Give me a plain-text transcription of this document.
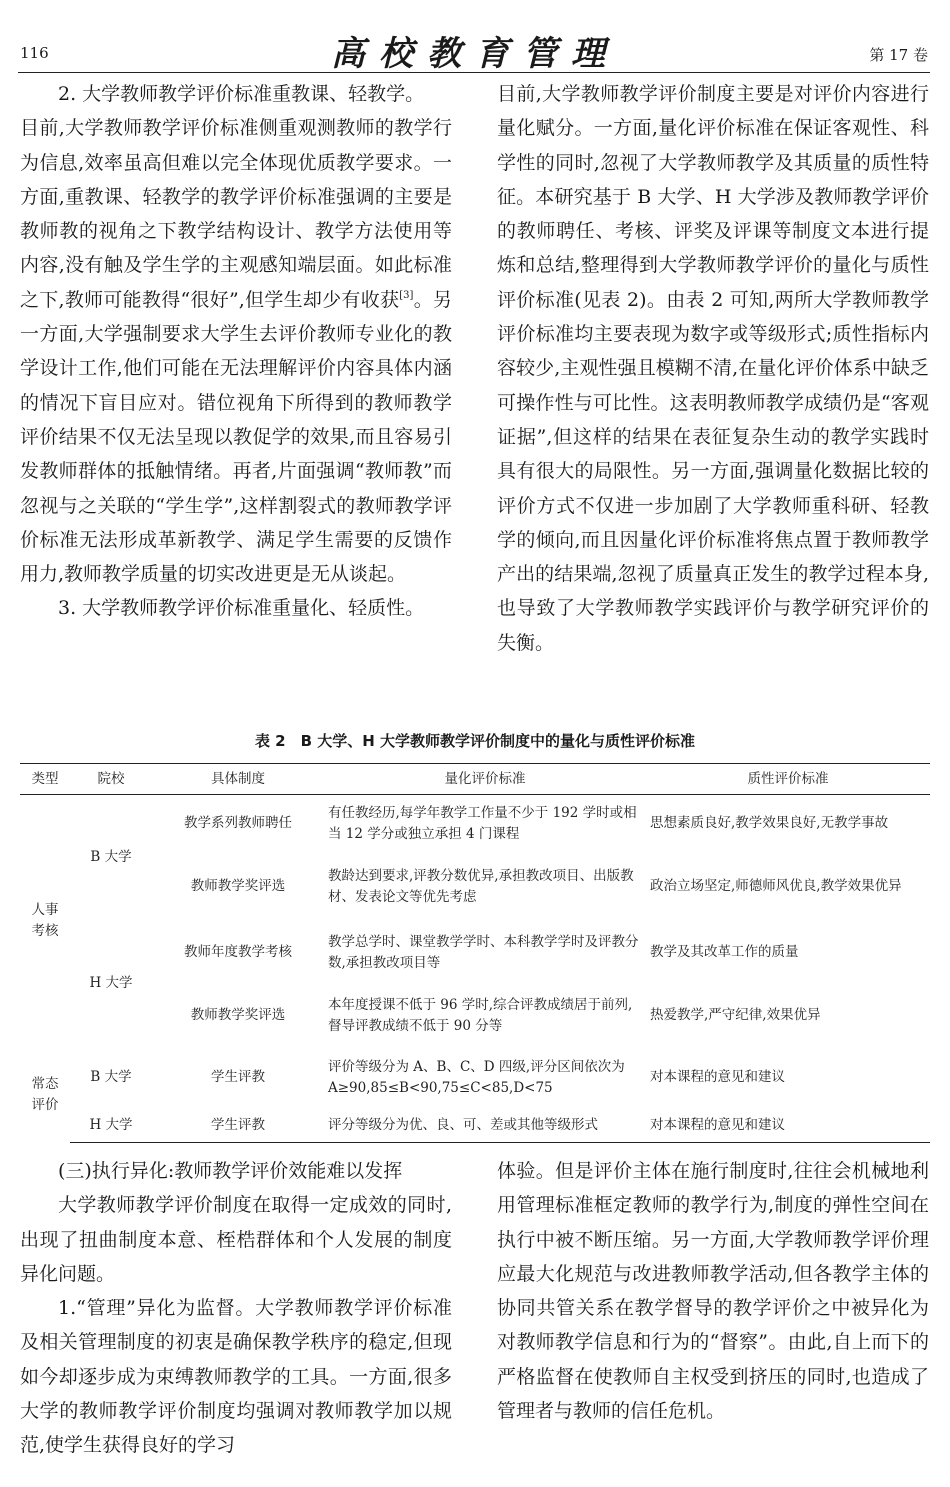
116	高校教育管理	第 17 卷

2. 大学教师教学评价标准重教课、轻教学。

目前,大学教师教学评价标准侧重观测教师的教学行为信息,效率虽高但难以完全体现优质教学要求。一方面,重教课、轻教学的教学评价标准强调的主要是教师教的视角之下教学结构设计、教学方法使用等内容,没有触及学生学的主观感知端层面。如此标准之下,教师可能教得“很好”,但学生却少有收获[3]。另一方面,大学强制要求大学生去评价教师专业化的教学设计工作,他们可能在无法理解评价内容具体内涵的情况下盲目应对。错位视角下所得到的教师教学评价结果不仅无法呈现以教促学的效果,而且容易引发教师群体的抵触情绪。再者,片面强调“教师教”而忽视与之关联的“学生学”,这样割裂式的教师教学评价标准无法形成革新教学、满足学生需要的反馈作用力,教师教学质量的切实改进更是无从谈起。

3. 大学教师教学评价标准重量化、轻质性。

目前,大学教师教学评价制度主要是对评价内容进行量化赋分。一方面,量化评价标准在保证客观性、科学性的同时,忽视了大学教师教学及其质量的质性特征。本研究基于 B 大学、H 大学涉及教师教学评价的教师聘任、考核、评奖及评课等制度文本进行提炼和总结,整理得到大学教师教学评价的量化与质性评价标准(见表 2)。由表 2 可知,两所大学教师教学评价标准均主要表现为数字或等级形式;质性指标内容较少,主观性强且模糊不清,在量化评价体系中缺乏可操作性与可比性。这表明教师教学成绩仍是“客观证据”,但这样的结果在表征复杂生动的教学实践时具有很大的局限性。另一方面,强调量化数据比较的评价方式不仅进一步加剧了大学教师重科研、轻教学的倾向,而且因量化评价标准将焦点置于教师教学产出的结果端,忽视了质量真正发生的教学过程本身,也导致了大学教师教学实践评价与教学研究评价的失衡。

表 2　B 大学、H 大学教师教学评价制度中的量化与质性评价标准
类型	院校	具体制度	量化评价标准	质性评价标准
人事考核	B 大学	教学系列教师聘任	有任教经历,每学年教学工作量不少于 192 学时或相当 12 学分或独立承担 4 门课程	思想素质良好,教学效果良好,无教学事故
		教师教学奖评选	教龄达到要求,评教分数优异,承担教改项目、出版教材、发表论文等优先考虑	政治立场坚定,师德师风优良,教学效果优异
	H 大学	教师年度教学考核	教学总学时、课堂教学学时、本科教学学时及评教分数,承担教改项目等	教学及其改革工作的质量
		教师教学奖评选	本年度授课不低于 96 学时,综合评教成绩居于前列,督导评教成绩不低于 90 分等	热爱教学,严守纪律,效果优异
常态评价	B 大学	学生评教	评价等级分为 A、B、C、D 四级,评分区间依次为 A≥90,85≤B<90,75≤C<85,D<75	对本课程的意见和建议
	H 大学	学生评教	评分等级分为优、良、可、差或其他等级形式	对本课程的意见和建议

(三)执行异化:教师教学评价效能难以发挥

大学教师教学评价制度在取得一定成效的同时,出现了扭曲制度本意、桎梏群体和个人发展的制度异化问题。

1.“管理”异化为监督。大学教师教学评价标准及相关管理制度的初衷是确保教学秩序的稳定,但现如今却逐步成为束缚教师教学的工具。一方面,很多大学的教师教学评价制度均强调对教师教学加以规范,使学生获得良好的学习

体验。但是评价主体在施行制度时,往往会机械地利用管理标准框定教师的教学行为,制度的弹性空间在执行中被不断压缩。另一方面,大学教师教学评价理应最大化规范与改进教师教学活动,但各教学主体的协同共管关系在教学督导的教学评价之中被异化为对教师教学信息和行为的“督察”。由此,自上而下的严格监督在使教师自主权受到挤压的同时,也造成了管理者与教师的信任危机。
